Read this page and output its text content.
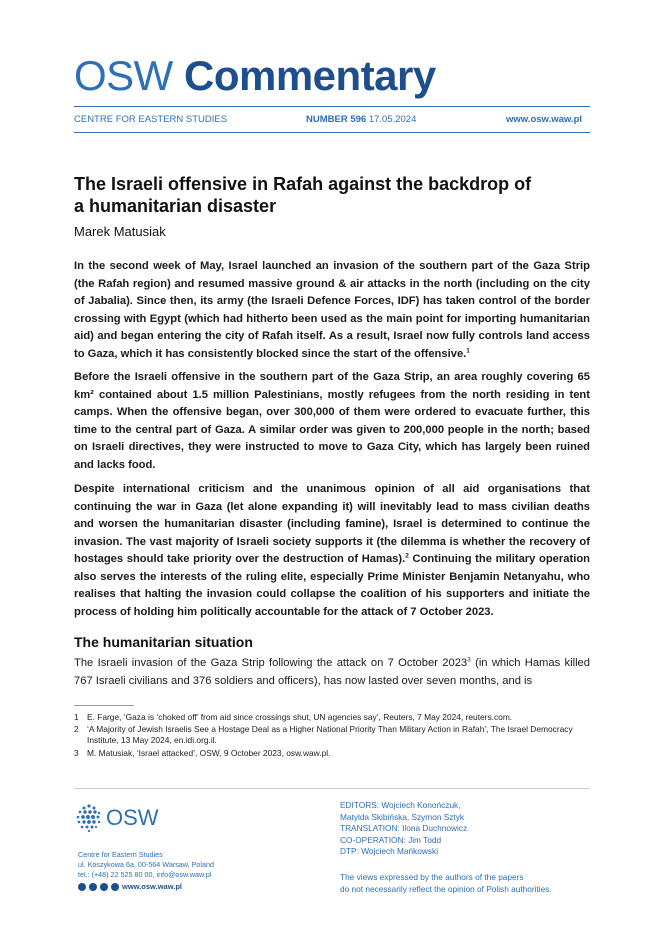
OSW Commentary
CENTRE FOR EASTERN STUDIES	NUMBER 596 17.05.2024	www.osw.waw.pl
The Israeli offensive in Rafah against the backdrop of a humanitarian disaster
Marek Matusiak
In the second week of May, Israel launched an invasion of the southern part of the Gaza Strip (the Rafah region) and resumed massive ground & air attacks in the north (including on the city of Jabalia). Since then, its army (the Israeli Defence Forces, IDF) has taken control of the border crossing with Egypt (which had hitherto been used as the main point for importing humanitarian aid) and began entering the city of Rafah itself. As a result, Israel now fully controls land access to Gaza, which it has consistently blocked since the start of the offensive.$^1$
Before the Israeli offensive in the southern part of the Gaza Strip, an area roughly covering 65 km² contained about 1.5 million Palestinians, mostly refugees from the north residing in tent camps. When the offensive began, over 300,000 of them were ordered to evacuate further, this time to the central part of Gaza. A similar order was given to 200,000 people in the north; based on Israeli directives, they were instructed to move to Gaza City, which has largely been ruined and lacks food.
Despite international criticism and the unanimous opinion of all aid organisations that continuing the war in Gaza (let alone expanding it) will inevitably lead to mass civilian deaths and worsen the humanitarian disaster (including famine), Israel is determined to continue the invasion. The vast majority of Israeli society supports it (the dilemma is whether the recovery of hostages should take priority over the destruction of Hamas).$^2$ Continuing the military operation also serves the interests of the ruling elite, especially Prime Minister Benjamin Netanyahu, who realises that halting the invasion could collapse the coalition of his supporters and initiate the process of holding him politically accountable for the attack of 7 October 2023.
The humanitarian situation
The Israeli invasion of the Gaza Strip following the attack on 7 October 2023$^3$ (in which Hamas killed 767 Israeli civilians and 376 soldiers and officers), has now lasted over seven months, and is
1 E. Farge, ‘Gaza is ‘choked off’ from aid since crossings shut, UN agencies say’, Reuters, 7 May 2024, reuters.com.
2 ‘A Majority of Jewish Israelis See a Hostage Deal as a Higher National Priority Than Military Action in Rafah’, The Israel Democracy Institute, 13 May 2024, en.idi.org.il.
3 M. Matusiak, ‘Israel attacked’, OSW, 9 October 2023, osw.waw.pl.
OSW
Centre for Eastern Studies
ul. Koszykowa 6a, 00-564 Warsaw, Poland
tel.: (+48) 22 525 80 00, info@osw.waw.pl
www.osw.waw.pl
EDITORS: Wojciech Konończuk,
Matylda Skibińska, Szymon Sztyk
TRANSLATION: Ilona Duchnowicz
CO-OPERATION: Jim Todd
DTP: Wojciech Mańkowski
The views expressed by the authors of the papers
do not necessarily reflect the opinion of Polish authorities.
